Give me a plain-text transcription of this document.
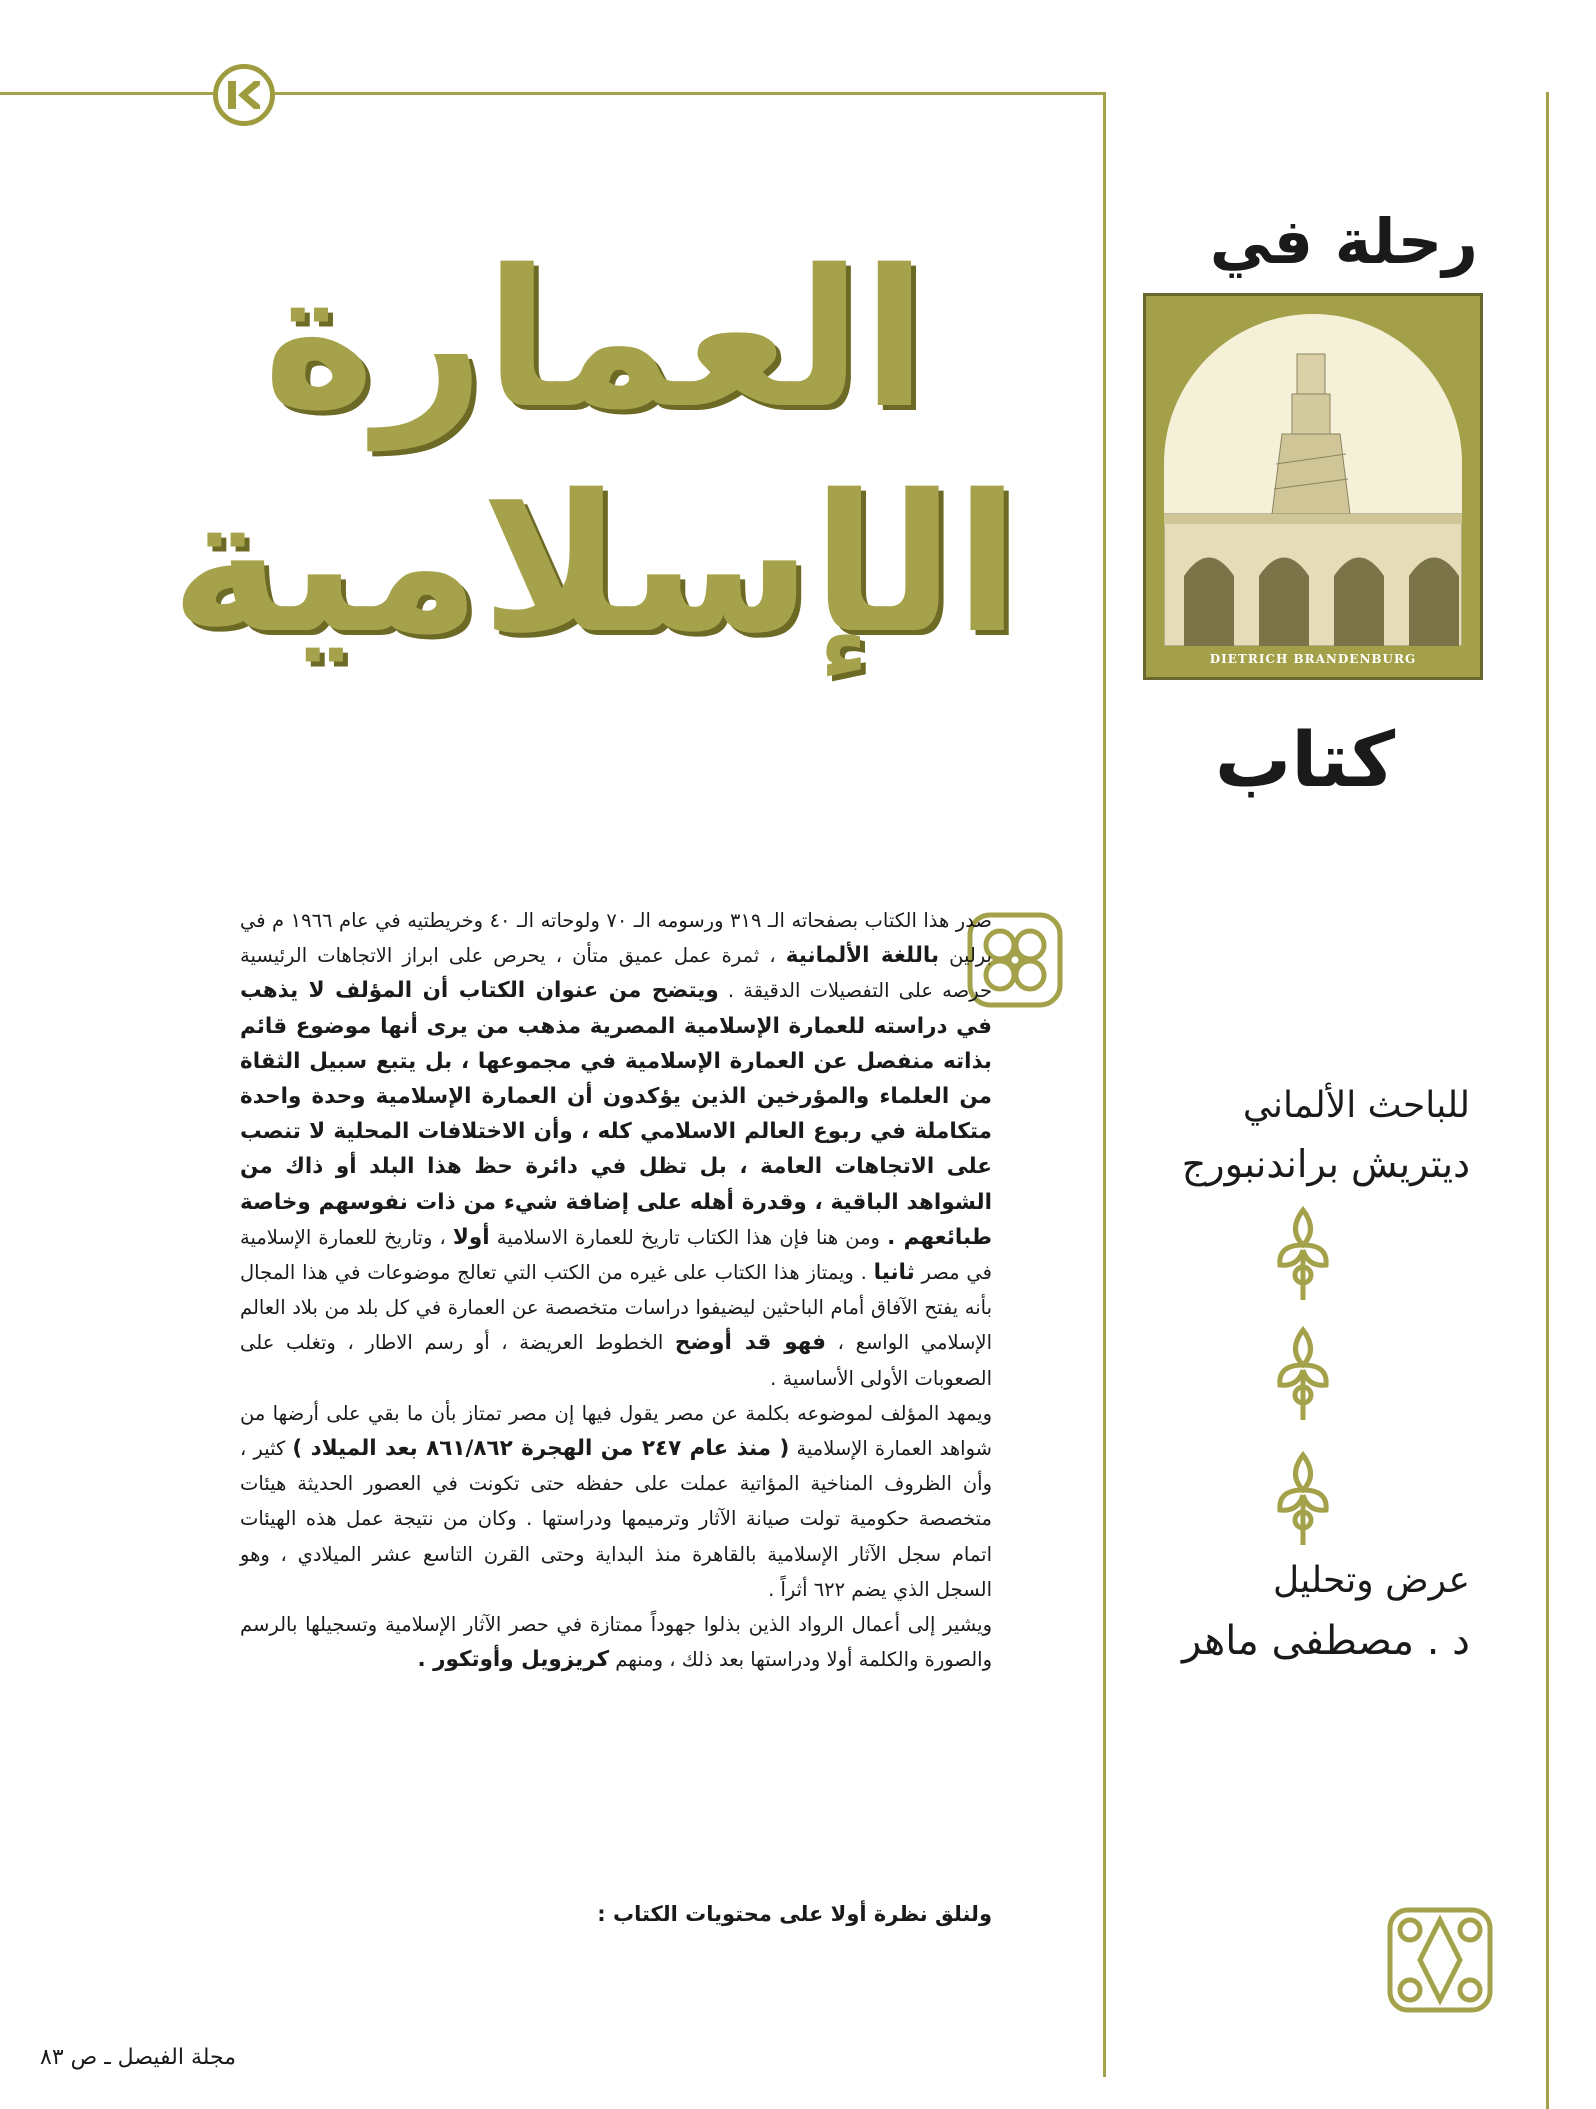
العمارة
الإسلامية
رحلة في
DIETRICH BRANDENBURG
كتاب
للباحث الألماني
ديتريش براندنبورج
عرض وتحليل
د . مصطفى ماهر

صدر هذا الكتاب بصفحاته الـ ٣١٩ ورسومه الـ ٧٠ ولوحاته الـ ٤٠ وخريطتيه في عام ١٩٦٦ م في برلين باللغة الألمانية ، ثمرة عمل عميق متأن ، يحرص على ابراز الاتجاهات الرئيسية حرصه على التفصيلات الدقيقة . ويتضح من عنوان الكتاب أن المؤلف لا يذهب في دراسته للعمارة الإسلامية المصرية مذهب من يرى أنها موضوع قائم بذاته منفصل عن العمارة الإسلامية في مجموعها ، بل يتبع سبيل الثقاة من العلماء والمؤرخين الذين يؤكدون أن العمارة الإسلامية وحدة واحدة متكاملة في ربوع العالم الاسلامي كله ، وأن الاختلافات المحلية لا تنصب على الاتجاهات العامة ، بل تظل في دائرة حظ هذا البلد أو ذاك من الشواهد الباقية ، وقدرة أهله على إضافة شيء من ذات نفوسهم وخاصة طبائعهم . ومن هنا فإن هذا الكتاب تاريخ للعمارة الاسلامية أولا ، وتاريخ للعمارة الإسلامية في مصر ثانيا . ويمتاز هذا الكتاب على غيره من الكتب التي تعالج موضوعات في هذا المجال بأنه يفتح الآفاق أمام الباحثين ليضيفوا دراسات متخصصة عن العمارة في كل بلد من بلاد العالم الإسلامي الواسع ، فهو قد أوضح الخطوط العريضة ، أو رسم الاطار ، وتغلب على الصعوبات الأولى الأساسية .

ويمهد المؤلف لموضوعه بكلمة عن مصر يقول فيها إن مصر تمتاز بأن ما بقي على أرضها من شواهد العمارة الإسلامية ( منذ عام ٢٤٧ من الهجرة ٨٦١/٨٦٢ بعد الميلاد ) كثير ، وأن الظروف المناخية المؤاتية عملت على حفظه حتى تكونت في العصور الحديثة هيئات متخصصة حكومية تولت صيانة الآثار وترميمها ودراستها . وكان من نتيجة عمل هذه الهيئات اتمام سجل الآثار الإسلامية بالقاهرة منذ البداية وحتى القرن التاسع عشر الميلادي ، وهو السجل الذي يضم ٦٢٢ أثراً .

ويشير إلى أعمال الرواد الذين بذلوا جهوداً ممتازة في حصر الآثار الإسلامية وتسجيلها بالرسم والصورة والكلمة أولا ودراستها بعد ذلك ، ومنهم كريزويل وأوتكور .

ولنلق نظرة أولا على محتويات الكتاب :
مجلة الفيصل ـ ص ٨٣
